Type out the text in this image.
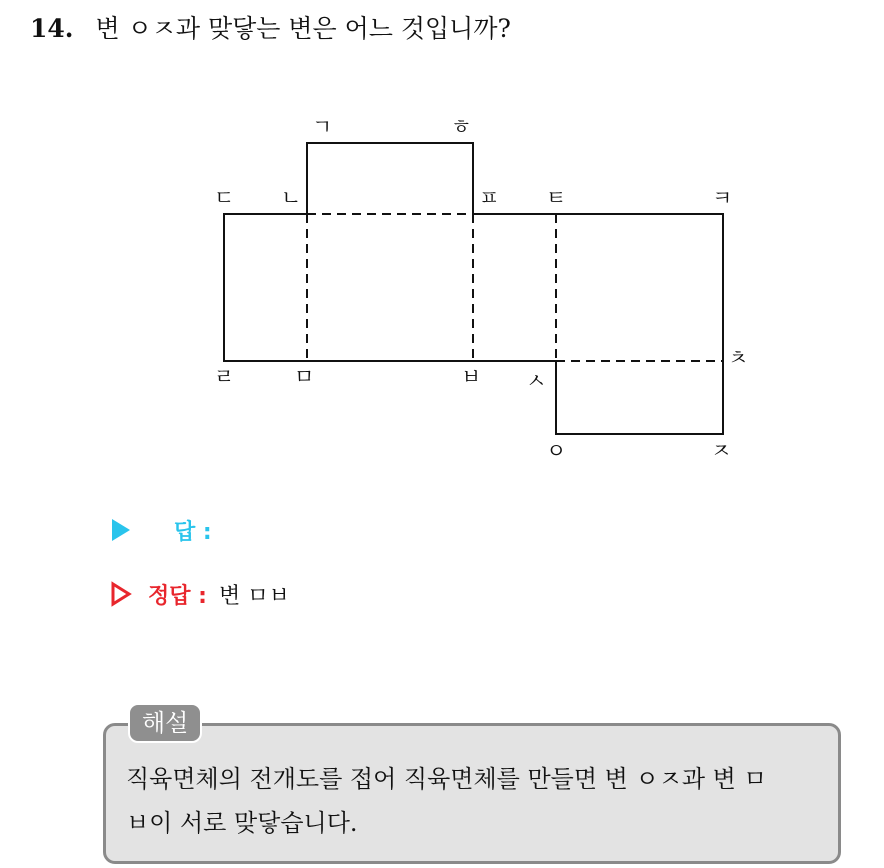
14. 변 ㅇㅈ과 맞닿는 변은 어느 것입니까?
ㄱ	ㅎ
ㄷ ㄴ	ㅍ ㅌ	ㅋ
ㅊ
ㄹ	ㅁ	ㅂ ㅅ
ㅇ	ㅈ
답 :
정답 : 변 ㅁㅂ
해설
직육면체의 전개도를 접어 직육면체를 만들면 변 ㅇㅈ과 변 ㅁ
ㅂ이 서로 맞닿습니다.
